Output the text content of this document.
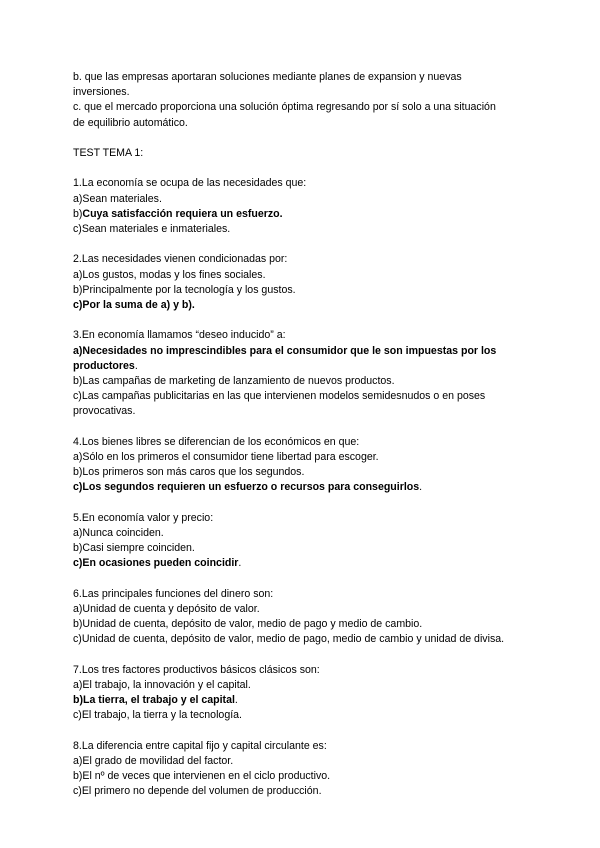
b. que las empresas aportaran soluciones mediante planes de expansion y nuevas
inversiones.
c. que el mercado proporciona una solución óptima regresando por sí solo a una situación
de equilibrio automático.
TEST TEMA 1:
1.La economía se ocupa de las necesidades que:
a)Sean materiales.
b)Cuya satisfacción requiera un esfuerzo.
c)Sean materiales e inmateriales.
2.Las necesidades vienen condicionadas por:
a)Los gustos, modas y los fines sociales.
b)Principalmente por la tecnología y los gustos.
c)Por la suma de a) y b).
3.En economía llamamos “deseo inducido” a:
a)Necesidades no imprescindibles para el consumidor que le son impuestas por los
productores.
b)Las campañas de marketing de lanzamiento de nuevos productos.
c)Las campañas publicitarias en las que intervienen modelos semidesnudos o en poses
provocativas.
4.Los bienes libres se diferencian de los económicos en que:
a)Sólo en los primeros el consumidor tiene libertad para escoger.
b)Los primeros son más caros que los segundos.
c)Los segundos requieren un esfuerzo o recursos para conseguirlos.
5.En economía valor y precio:
a)Nunca coinciden.
b)Casi siempre coinciden.
c)En ocasiones pueden coincidir.
6.Las principales funciones del dinero son:
a)Unidad de cuenta y depósito de valor.
b)Unidad de cuenta, depósito de valor, medio de pago y medio de cambio.
c)Unidad de cuenta, depósito de valor, medio de pago, medio de cambio y unidad de divisa.
7.Los tres factores productivos básicos clásicos son:
a)El trabajo, la innovación y el capital.
b)La tierra, el trabajo y el capital.
c)El trabajo, la tierra y la tecnología.
8.La diferencia entre capital fijo y capital circulante es:
a)El grado de movilidad del factor.
b)El nº de veces que intervienen en el ciclo productivo.
c)El primero no depende del volumen de producción.
